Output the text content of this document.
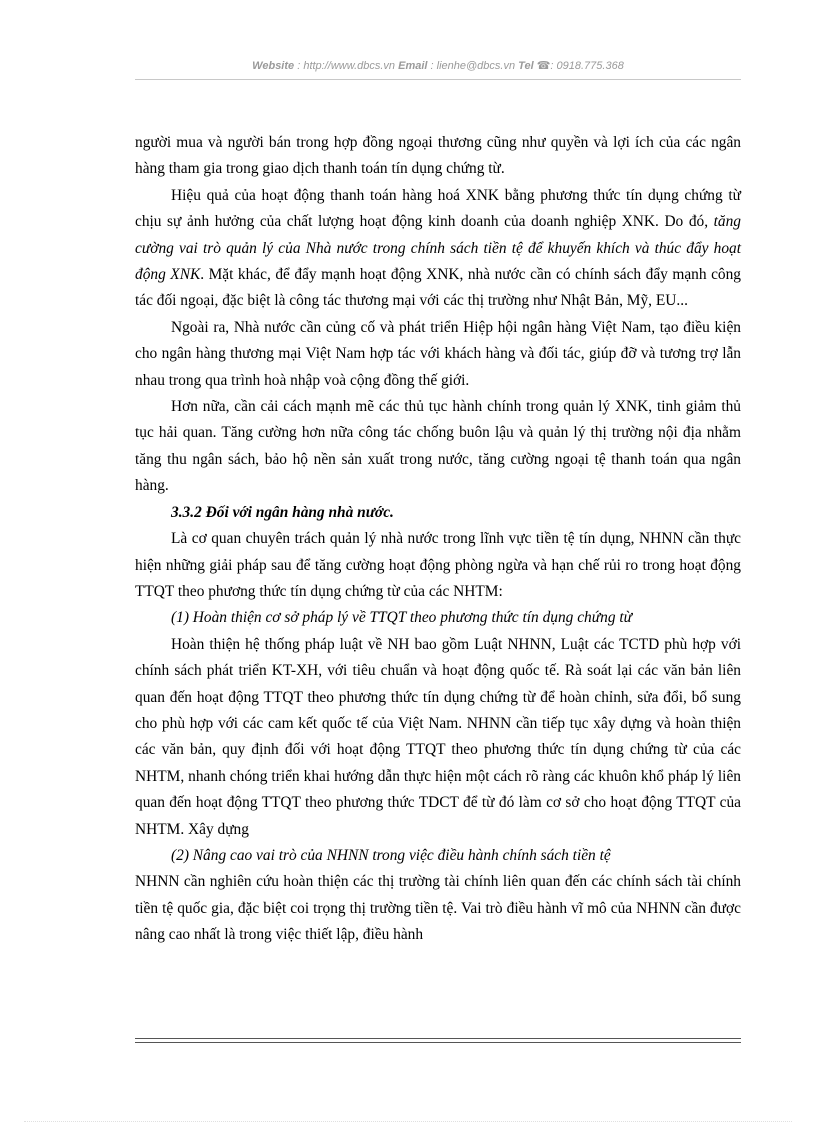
Website : http://www.dbcs.vn Email : lienhe@dbcs.vn Tel ☎: 0918.775.368

người mua và người bán trong hợp đồng ngoại thương cũng như quyền và lợi ích của các ngân hàng tham gia trong giao dịch thanh toán tín dụng chứng từ.

Hiệu quả của hoạt động thanh toán hàng hoá XNK bằng phương thức tín dụng chứng từ chịu sự ảnh hưởng của chất lượng hoạt động kinh doanh của doanh nghiệp XNK. Do đó, tăng cường vai trò quản lý của Nhà nước trong chính sách tiền tệ để khuyến khích và thúc đẩy hoạt động XNK. Mặt khác, để đẩy mạnh hoạt động XNK, nhà nước cần có chính sách đẩy mạnh công tác đối ngoại, đặc biệt là công tác thương mại với các thị trường như Nhật Bản, Mỹ, EU...

Ngoài ra, Nhà nước cần củng cố và phát triển Hiệp hội ngân hàng Việt Nam, tạo điều kiện cho ngân hàng thương mại Việt Nam hợp tác với khách hàng và đối tác, giúp đỡ và tương trợ lẫn nhau trong qua trình hoà nhập voà cộng đồng thế giới.

Hơn nữa, cần cải cách mạnh mẽ các thủ tục hành chính trong quản lý XNK, tinh giảm thủ tục hải quan. Tăng cường hơn nữa công tác chống buôn lậu và quản lý thị trường nội địa nhằm tăng thu ngân sách, bảo hộ nền sản xuất trong nước, tăng cường ngoại tệ thanh toán qua ngân hàng.

3.3.2 Đối với ngân hàng nhà nước.

Là cơ quan chuyên trách quản lý nhà nước trong lĩnh vực tiền tệ tín dụng, NHNN cần thực hiện những giải pháp sau để tăng cường hoạt động phòng ngừa và hạn chế rủi ro trong hoạt động TTQT theo phương thức tín dụng chứng từ của các NHTM:

(1) Hoàn thiện cơ sở pháp lý về TTQT theo phương thức tín dụng chứng từ

Hoàn thiện hệ thống pháp luật về NH bao gồm Luật NHNN, Luật các TCTD phù hợp với chính sách phát triển KT-XH, với tiêu chuẩn và hoạt động quốc tế. Rà soát lại các văn bản liên quan đến hoạt động TTQT theo phương thức tín dụng chứng từ để hoàn chỉnh, sửa đổi, bổ sung cho phù hợp với các cam kết quốc tế của Việt Nam. NHNN cần tiếp tục xây dựng và hoàn thiện các văn bản, quy định đối với hoạt động TTQT theo phương thức tín dụng chứng từ của các NHTM, nhanh chóng triển khai hướng dẫn thực hiện một cách rõ ràng các khuôn khổ pháp lý liên quan đến hoạt động TTQT theo phương thức TDCT để từ đó làm cơ sở cho hoạt động TTQT của NHTM. Xây dựng

(2) Nâng cao vai trò của NHNN trong việc điều hành chính sách tiền tệ

NHNN cần nghiên cứu hoàn thiện các thị trường tài chính liên quan đến các chính sách tài chính tiền tệ quốc gia, đặc biệt coi trọng thị trường tiền tệ. Vai trò điều hành vĩ mô của NHNN cần được nâng cao nhất là trong việc thiết lập, điều hành
